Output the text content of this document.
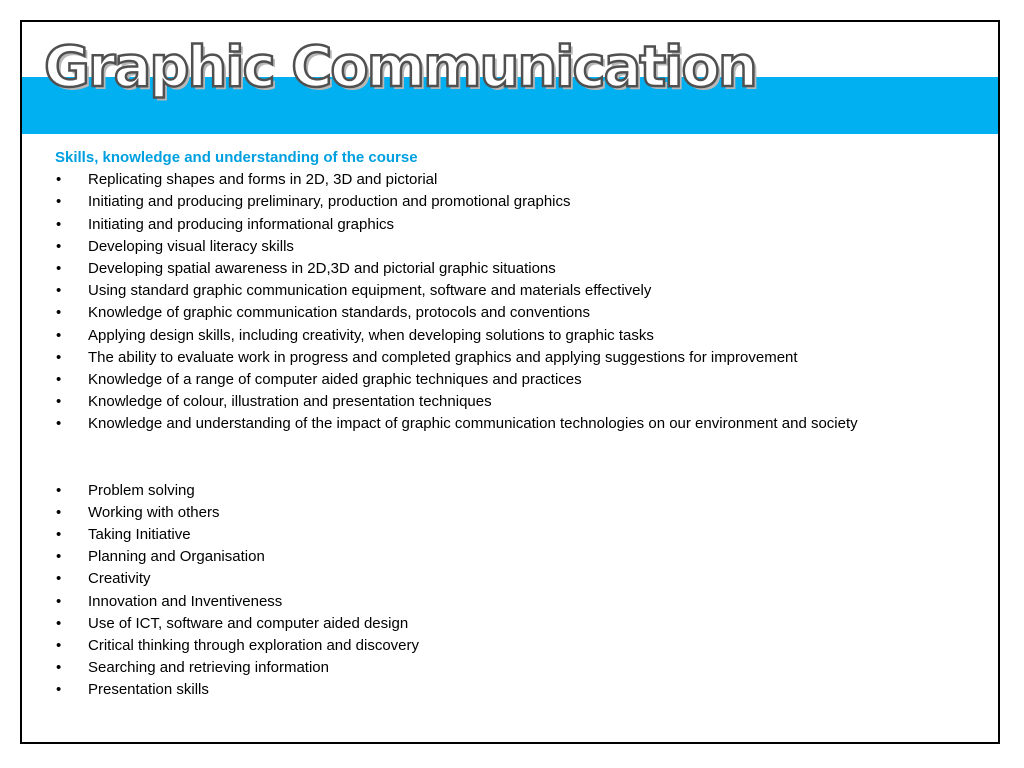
Graphic Communication

Skills, knowledge and understanding of the course

• Replicating shapes and forms in 2D, 3D and pictorial
• Initiating and producing preliminary, production and promotional graphics
• Initiating and producing informational graphics
• Developing visual literacy skills
• Developing spatial awareness in 2D,3D and pictorial graphic situations
• Using standard graphic communication equipment, software and materials effectively
• Knowledge of graphic communication standards, protocols and conventions
• Applying design skills, including creativity, when developing solutions to graphic tasks
• The ability to evaluate work in progress and completed graphics and applying suggestions for improvement
• Knowledge of a range of computer aided graphic techniques and practices
• Knowledge of colour, illustration and presentation techniques
• Knowledge and understanding of the impact of graphic communication technologies on our environment and society
• Problem solving
• Working with others
• Taking Initiative
• Planning and Organisation
• Creativity
• Innovation and Inventiveness
• Use of ICT, software and computer aided design
• Critical thinking through exploration and discovery
• Searching and retrieving information
• Presentation skills
